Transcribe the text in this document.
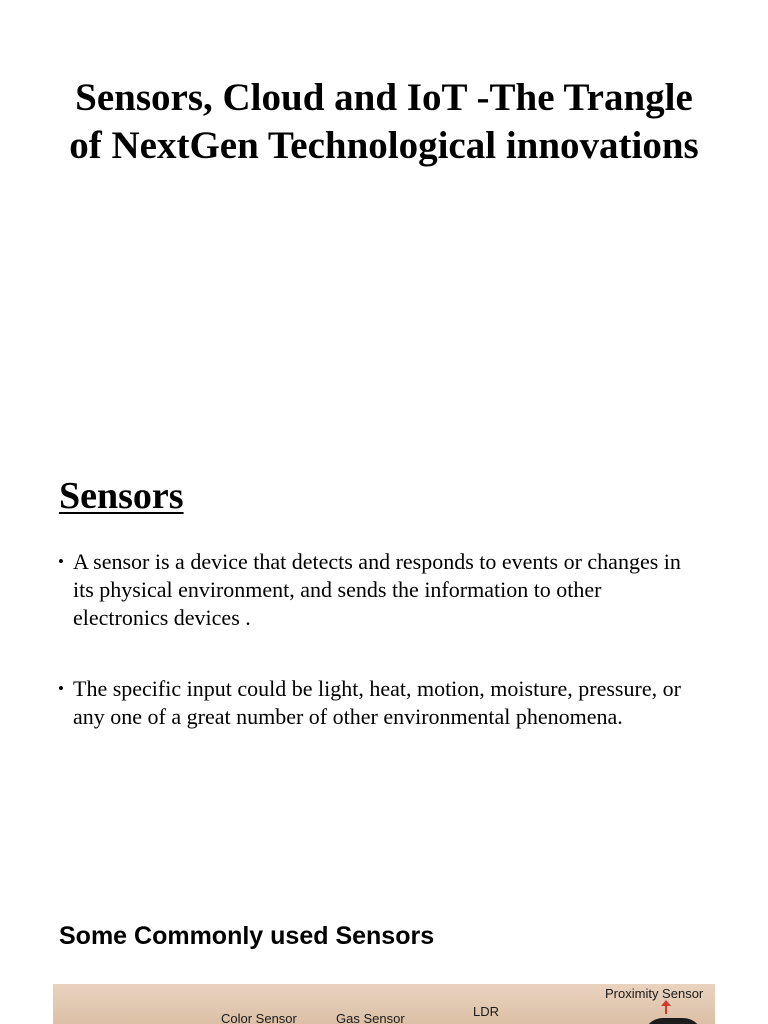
Sensors, Cloud and IoT -The Trangle of NextGen Technological innovations
Sensors
• A sensor is a device that detects and responds to events or changes in its physical environment, and sends the information to other electronics devices .
• The specific input could be light, heat, motion, moisture, pressure, or any one of a great number of other environmental phenomena.
Some Commonly used Sensors
Color Sensor	Gas Sensor	LDR
Proximity Sensor
